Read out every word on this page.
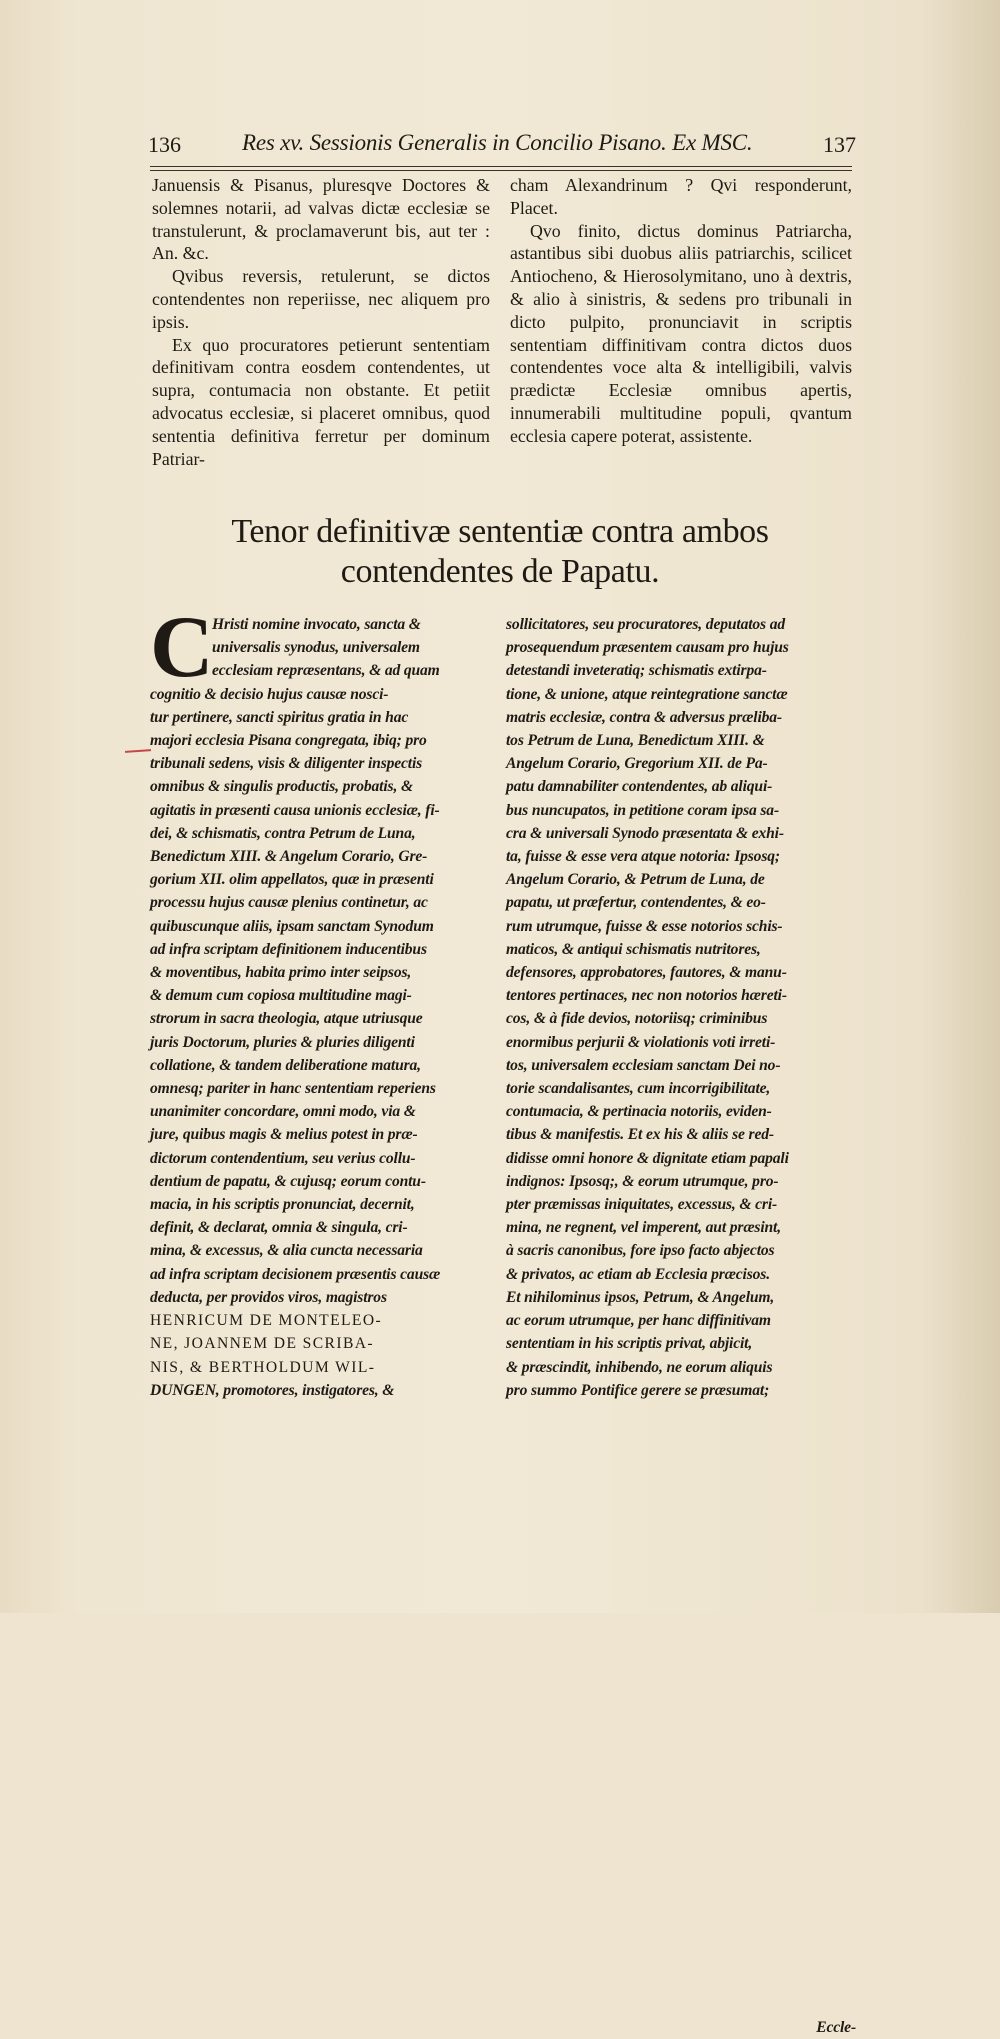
136	Res xv. Sessionis Generalis in Concilio Pisano. Ex MSC.	137

Januensis & Pisanus, pluresqve Doctores & solemnes notarii, ad valvas dictæ ecclesiæ se transtulerunt, & proclamaverunt bis, aut ter : An. &c.

Qvibus reversis, retulerunt, se dictos contendentes non reperiisse, nec aliquem pro ipsis.

Ex quo procuratores petierunt sententiam definitivam contra eosdem contendentes, ut supra, contumacia non obstante. Et petiit advocatus ecclesiæ, si placeret omnibus, quod sententia definitiva ferretur per dominum Patriar-

cham Alexandrinum ? Qvi responderunt, Placet.

Qvo finito, dictus dominus Patriarcha, astantibus sibi duobus aliis patriarchis, scilicet Antiocheno, & Hierosolymitano, uno à dextris, & alio à sinistris, & sedens pro tribunali in dicto pulpito, pronunciavit in scriptis sententiam diffinitivam contra dictos duos contendentes voce alta & intelligibili, valvis prædictæ Ecclesiæ omnibus apertis, innumerabili multitudine populi, qvantum ecclesia capere poterat, assistente.

Tenor definitivæ sententiæ contra ambos
contendentes de Papatu.
C
Hristi nomine invocato, sancta &
universalis synodus, universalem
ecclesiam repræsentans, & ad quam
cognitio & decisio hujus causæ nosci-
tur pertinere, sancti spiritus gratia in hac
majori ecclesia Pisana congregata, ibiq; pro
tribunali sedens, visis & diligenter inspectis
omnibus & singulis productis, probatis, &
agitatis in præsenti causa unionis ecclesiæ, fi-
dei, & schismatis, contra Petrum de Luna,
Benedictum XIII. & Angelum Corario, Gre-
gorium XII. olim appellatos, quæ in præsenti
processu hujus causæ plenius continetur, ac
quibuscunque aliis, ipsam sanctam Synodum
ad infra scriptam definitionem inducentibus
& moventibus, habita primo inter seipsos,
& demum cum copiosa multitudine magi-
strorum in sacra theologia, atque utriusque
juris Doctorum, pluries & pluries diligenti
collatione, & tandem deliberatione matura,
omnesq; pariter in hanc sententiam reperiens
unanimiter concordare, omni modo, via &
jure, quibus magis & melius potest in præ-
dictorum contendentium, seu verius collu-
dentium de papatu, & cujusq; eorum contu-
macia, in his scriptis pronunciat, decernit,
definit, & declarat, omnia & singula, cri-
mina, & excessus, & alia cuncta necessaria
ad infra scriptam decisionem præsentis causæ
deducta, per providos viros, magistros
HENRICUM DE MONTELEO-
NE, JOANNEM DE SCRIBA-
NIS, & BERTHOLDUM WIL-
DUNGEN, promotores, instigatores, &
sollicitatores, seu procuratores, deputatos ad
prosequendum præsentem causam pro hujus
detestandi inveteratiq; schismatis extirpa-
tione, & unione, atque reintegratione sanctæ
matris ecclesiæ, contra & adversus prælibа-
tos Petrum de Luna, Benedictum XIII. &
Angelum Corario, Gregorium XII. de Pa-
patu damnabiliter contendentes, ab aliqui-
bus nuncupatos, in petitione coram ipsa sa-
cra & universali Synodo præsentata & exhi-
ta, fuisse & esse vera atque notoria: Ipsosq;
Angelum Corario, & Petrum de Luna, de
papatu, ut præfertur, contendentes, & eo-
rum utrumque, fuisse & esse notorios schis-
maticos, & antiqui schismatis nutritores,
defensores, approbatores, fautores, & manu-
tentores pertinaces, nec non notorios hæreti-
cos, & à fide devios, notoriisq; criminibus
enormibus perjurii & violationis voti irreti-
tos, universalem ecclesiam sanctam Dei no-
torie scandalisantes, cum incorrigibilitate,
contumacia, & pertinacia notoriis, eviden-
tibus & manifestis. Et ex his & aliis se red-
didisse omni honore & dignitate etiam papali
indignos: Ipsosq;, & eorum utrumque, pro-
pter præmissas iniquitates, excessus, & cri-
mina, ne regnent, vel imperent, aut præsint,
à sacris canonibus, fore ipso facto abjectos
& privatos, ac etiam ab Ecclesia præcisos.
Et nihilominus ipsos, Petrum, & Angelum,
ac eorum utrumque, per hanc diffinitivam
sententiam in his scriptis privat, abjicit,
& præscindit, inhibendo, ne eorum aliquis
pro summo Pontifice gerere se præsumat;
Eccle-
